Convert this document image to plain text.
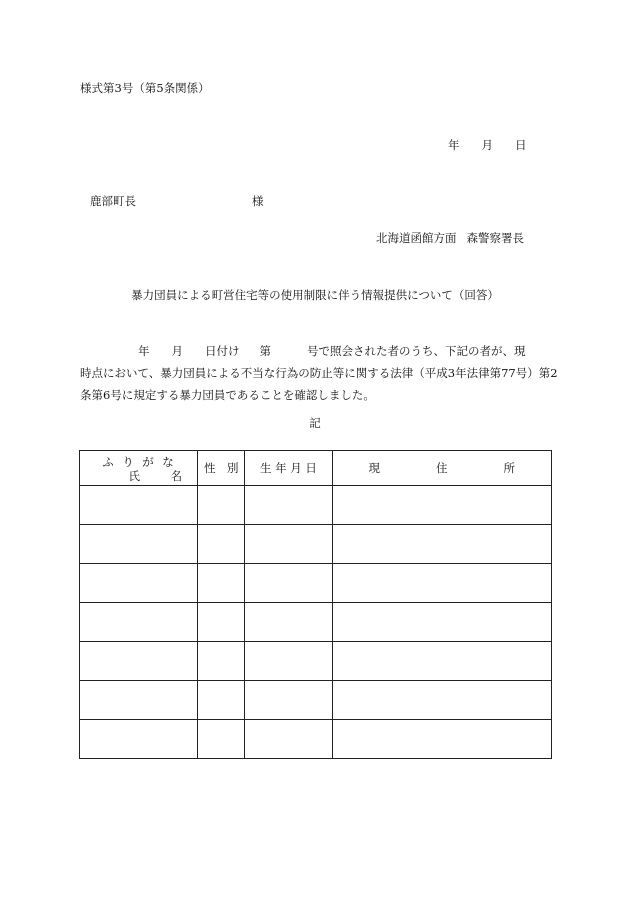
様式第3号（第5条関係）
年 月 日
鹿部町長	様
北海道函館方面 森警察署長
暴力団員による町営住宅等の使用制限に伴う情報提供について（回答）
年 月 日付け 第	号で照会された者のうち、下記の者が、現
時点において、暴力団員による不当な行為の防止等に関する法律（平成3年法律第77号）第2
条第6号に規定する暴力団員であることを確認しました。
記
ふ り が な
氏 名	性　別	生 年 月 日	現 住 所
